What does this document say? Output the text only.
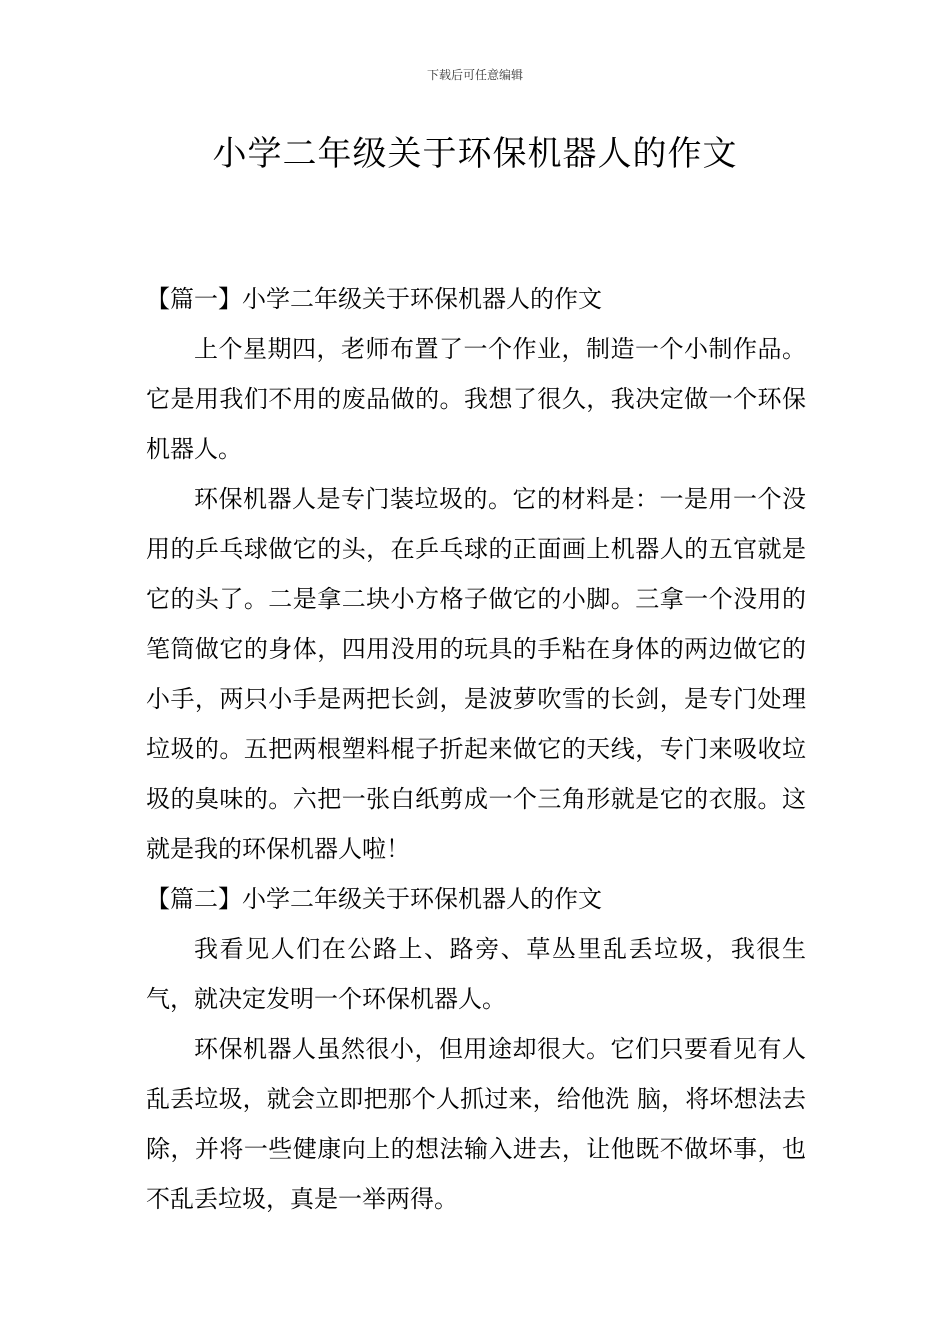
下载后可任意编辑
小学二年级关于环保机器人的作文
【篇一】小学二年级关于环保机器人的作文

上个星期四，老师布置了一个作业，制造一个小制作品。它是用我们不用的废品做的。我想了很久，我决定做一个环保机器人。

环保机器人是专门装垃圾的。它的材料是：一是用一个没用的乒乓球做它的头，在乒乓球的正面画上机器人的五官就是它的头了。二是拿二块小方格子做它的小脚。三拿一个没用的笔筒做它的身体，四用没用的玩具的手粘在身体的两边做它的小手，两只小手是两把长剑，是波萝吹雪的长剑，是专门处理垃圾的。五把两根塑料棍子折起来做它的天线，专门来吸收垃圾的臭味的。六把一张白纸剪成一个三角形就是它的衣服。这就是我的环保机器人啦！

【篇二】小学二年级关于环保机器人的作文

我看见人们在公路上、路旁、草丛里乱丢垃圾，我很生气，就决定发明一个环保机器人。

环保机器人虽然很小，但用途却很大。它们只要看见有人乱丢垃圾，就会立即把那个人抓过来，给他洗 脑，将坏想法去除，并将一些健康向上的想法输入进去，让他既不做坏事，也不乱丢垃圾，真是一举两得。
